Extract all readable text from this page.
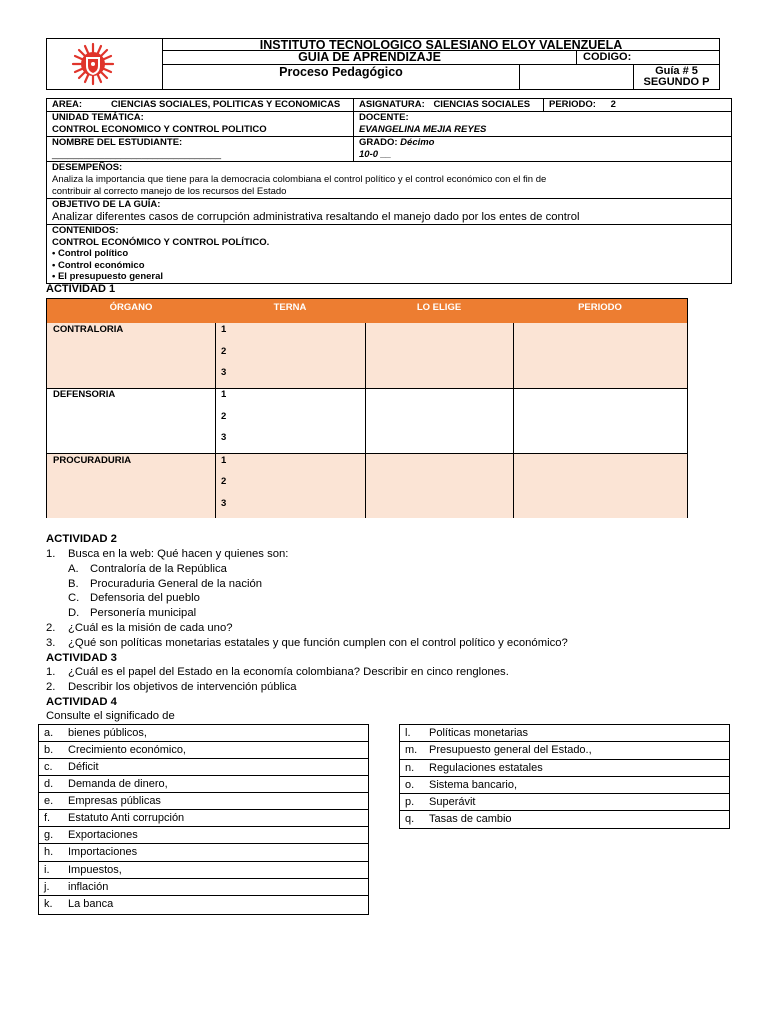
INSTITUTO TECNOLOGICO SALESIANO ELOY VALENZUELA
GUIA DE APRENDIZAJE	CODIGO:
Proceso Pedagógico	Guía # 5
SEGUNDO P
AREA:	CIENCIAS SOCIALES, POLITICAS Y ECONOMICAS	ASIGNATURA: CIENCIAS SOCIALES	PERIODO: 2
UNIDAD TEMÁTICA:
CONTROL ECONOMICO Y CONTROL POLITICO
DOCENTE:
EVANGELINA MEJIA REYES
NOMBRE DEL ESTUDIANTE:
________________________________
GRADO: Décimo
10-0 __
DESEMPEÑOS:
Analiza la importancia que tiene para la democracia colombiana el control político y el control económico con el fin de
contribuir al correcto manejo de los recursos del Estado
OBJETIVO DE LA GUÍA:
Analizar diferentes casos de corrupción administrativa resaltando el manejo dado por los entes de control
CONTENIDOS:
CONTROL ECONÓMICO Y CONTROL POLÍTICO.
• Control político
• Control económico
• El presupuesto general
ACTIVIDAD 1
ÓRGANO	TERNA	LO ELIGE	PERIODO
CONTRALORIA	1
2
3
DEFENSORIA	1
2
3
PROCURADURIA	1
2
3
ACTIVIDAD 2
1. Busca en la web: Qué hacen y quienes son:
A. Contraloría de la República
B. Procuraduria General de la nación
C. Defensoria del pueblo
D. Personería municipal
2. ¿Cuál es la misión de cada uno?
3. ¿Qué son políticas monetarias estatales y que función cumplen con el control político y económico?
ACTIVIDAD 3
1. ¿Cuál es el papel del Estado en la economía colombiana? Describir en cinco renglones.
2. Describir los objetivos de intervención pública
ACTIVIDAD 4
Consulte el significado de
a. bienes públicos,
b. Crecimiento económico,
c. Déficit
d. Demanda de dinero,
e. Empresas públicas
f. Estatuto Anti corrupción
g. Exportaciones
h. Importaciones
i. Impuestos,
j. inflación
k. La banca
l. Políticas monetarias
m. Presupuesto general del Estado.,
n. Regulaciones estatales
o. Sistema bancario,
p. Superávit
q. Tasas de cambio
